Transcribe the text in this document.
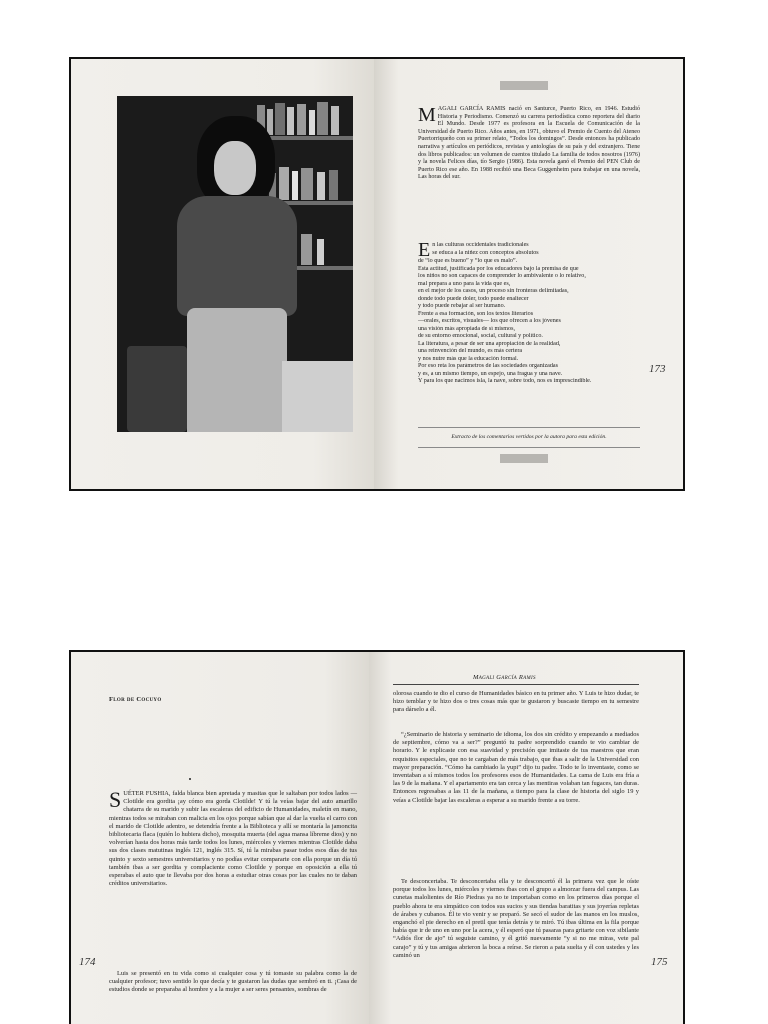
M AGALI GARCÍA RAMIS nació en Santurce, Puerto Rico, en 1946. Estudió Historia y Periodismo. Comenzó su carrera periodística como reportera del diario El Mundo. Desde 1977 es profesora en la Escuela de Comunicación de la Universidad de Puerto Rico. Años antes, en 1971, obtuvo el Premio de Cuento del Ateneo Puertorriqueño con su primer relato, “Todos los domingos”. Desde entonces ha publicado narrativa y artículos en periódicos, revistas y antologías de su país y del extranjero. Tiene dos libros publicados: un volumen de cuentos titulado La familia de todos nosotros (1976) y la novela Felices días, tío Sergio (1986). Esta novela ganó el Premio del PEN Club de Puerto Rico ese año. En 1988 recibió una Beca Guggenheim para trabajar en una novela, Las horas del sur.

E n las culturas occidentales tradicionales
se educa a la niñez con conceptos absolutos
de “lo que es bueno” y “lo que es malo”.
Esta actitud, justificada por los educadores bajo la premisa de que
los niños no son capaces de comprender lo ambivalente o lo relativo,
mal prepara a uno para la vida que es,
en el mejor de los casos, un proceso sin fronteras delimitadas,
donde todo puede doler, todo puede enaltecer
y todo puede rebajar al ser humano.
Frente a esa formación, son los textos literarios
—orales, escritos, visuales— los que ofrecen a los jóvenes
una visión más apropiada de sí mismos,
de su entorno emocional, social, cultural y político.
La literatura, a pesar de ser una apropiación de la realidad,
una reinvención del mundo, es más certera
y nos nutre más que la educación formal.
Por eso reta los parámetros de las sociedades organizadas
y es, a un mismo tiempo, un espejo, una fragua y una nave.
Y para los que nacimos isla, la nave, sobre todo, nos es imprescindible.
Extracto de los comentarios vertidos por la autora para esta edición.
173
Flor de Cocuyo

S UÉTER FUSHIA, falda blanca bien apretada y masitas que le saltaban por todos lados —Clotilde era gordita ¡ay cómo era gorda Clotilde! Y tú la veías bajar del auto amarillo chatarra de su marido y subir las escaleras del edificio de Humanidades, maletín en mano, mientras todos se miraban con malicia en los ojos porque sabían que al dar la vuelta el carro con el marido de Clotilde adentro, se detendría frente a la Biblioteca y allí se montaría la jamoncita bibliotecaria flaca (quién lo hubiera dicho), mosquita muerta (del agua mansa líbreme dios) y no volverían hasta dos horas más tarde todos los lunes, miércoles y viernes mientras Clotilde daba sus dos clases matutinas inglés 121, inglés 315. Sí, tú la mirabas pasar todos esos días de tus quinto y sexto semestres universitarios y no podías evitar compararte con ella porque un día tú también ibas a ser gordita y complaciente como Clotilde y porque en oposición a ella tú esperabas el auto que te llevaba por dos horas a estudiar otras cosas por las cuales no te daban créditos universitarios.

Luis se presentó en tu vida como si cualquier cosa y tú tomaste su palabra como la de cualquier profesor; tuvo sentido lo que decía y te gustaron las dudas que sembró en ti. ¡Casa de estudios donde se preparaba al hombre y a la mujer a ser seres pensantes, sombras de

174
Magali García Ramis

olorosa cuando te dio el curso de Humanidades básico en tu primer año. Y Luis te hizo dudar, te hizo temblar y te hizo dos o tres cosas más que te gustaron y buscaste tiempo en tu semestre para dárselo a él.

“¿Seminario de historia y seminario de idioma, los dos sin crédito y empezando a mediados de septiembre, cómo va a ser?” preguntó tu padre sorprendido cuando te vio cambiar de horario. Y le explicaste con esa suavidad y precisión que imitaste de tus maestros que eran requisitos especiales, que no te cargaban de más trabajo, que ibas a salir de la Universidad con mayor preparación. “Cómo ha cambiado la yupi” dijo tu padre. Todo te lo inventaste, como se inventaban a sí mismos todos los profesores esos de Humanidades. La cama de Luis era fría a las 9 de la mañana. Y el apartamento era tan cerca y las mentiras volaban tan fugaces, tan duras. Entonces regresabas a las 11 de la mañana, a tiempo para la clase de historia del siglo 19 y veías a Clotilde bajar las escaleras a esperar a su marido frente a su torre.

Te desconcertaba. Te desconcertaba ella y te desconcertó él la primera vez que le oíste porque todos los lunes, miércoles y viernes ibas con el grupo a almorzar fuera del campus. Las cunetas malolientes de Río Piedras ya no te importaban como en los primeros días porque el pueblo ahora te era simpático con todos sus sucios y sus tiendas baratitas y sus joyerías repletas de árabes y cubanos. Él te vio venir y se preparó. Se secó el sudor de las manos en los muslos, enganchó el pie derecho en el pretil que tenía detrás y te miró. Tú ibas última en la fila porque había que ir de uno en uno por la acera, y él esperó que tú pasaras para gritarte con voz sibilante “Adiós flor de ajo” tú seguiste camino, y él gritó nuevamente “y si no me miras, vete pal carajo” y tú y tus amigas abrieron la boca a reírse. Se rieron a pata suelta y él con ustedes y les caminó un

175
